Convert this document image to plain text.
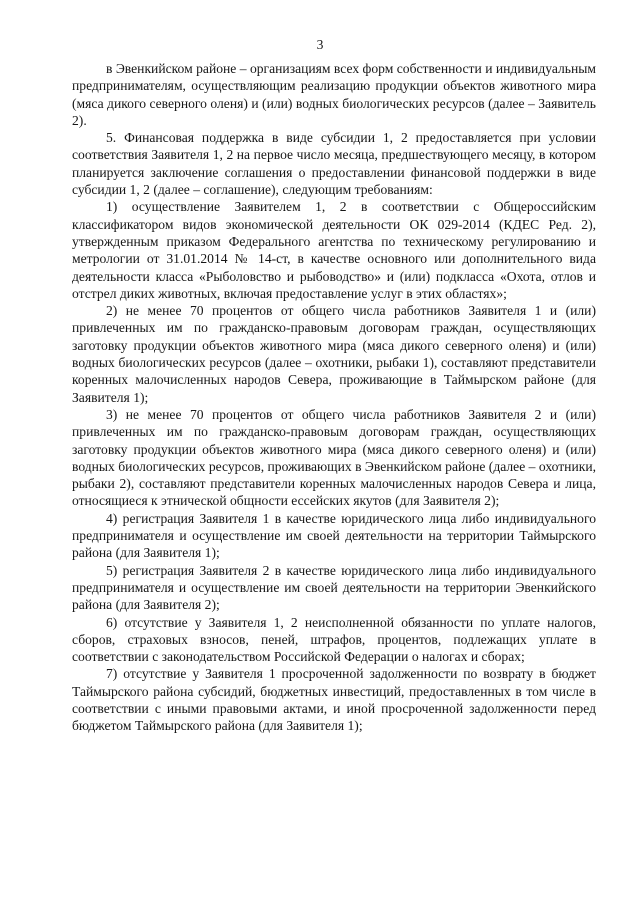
3

в Эвенкийском районе – организациям всех форм собственности и индивидуальным предпринимателям, осуществляющим реализацию продукции объектов животного мира (мяса дикого северного оленя) и (или) водных биологических ресурсов (далее – Заявитель 2).

5. Финансовая поддержка в виде субсидии 1, 2 предоставляется при условии соответствия Заявителя 1, 2 на первое число месяца, предшествующего месяцу, в котором планируется заключение соглашения о предоставлении финансовой поддержки в виде субсидии 1, 2 (далее – соглашение), следующим требованиям:

1) осуществление Заявителем 1, 2 в соответствии с Общероссийским классификатором видов экономической деятельности ОК 029-2014 (КДЕС Ред. 2), утвержденным приказом Федерального агентства по техническому регулированию и метрологии от 31.01.2014 № 14-ст, в качестве основного или дополнительного вида деятельности класса «Рыболовство и рыбоводство» и (или) подкласса «Охота, отлов и отстрел диких животных, включая предоставление услуг в этих областях»;

2) не менее 70 процентов от общего числа работников Заявителя 1 и (или) привлеченных им по гражданско-правовым договорам граждан, осуществляющих заготовку продукции объектов животного мира (мяса дикого северного оленя) и (или) водных биологических ресурсов (далее – охотники, рыбаки 1), составляют представители коренных малочисленных народов Севера, проживающие в Таймырском районе (для Заявителя 1);

3) не менее 70 процентов от общего числа работников Заявителя 2 и (или) привлеченных им по гражданско-правовым договорам граждан, осуществляющих заготовку продукции объектов животного мира (мяса дикого северного оленя) и (или) водных биологических ресурсов, проживающих в Эвенкийском районе (далее – охотники, рыбаки 2), составляют представители коренных малочисленных народов Севера и лица, относящиеся к этнической общности ессейских якутов (для Заявителя 2);

4) регистрация Заявителя 1 в качестве юридического лица либо индивидуального предпринимателя и осуществление им своей деятельности на территории Таймырского района (для Заявителя 1);

5) регистрация Заявителя 2 в качестве юридического лица либо индивидуального предпринимателя и осуществление им своей деятельности на территории Эвенкийского района (для Заявителя 2);

6) отсутствие у Заявителя 1, 2 неисполненной обязанности по уплате налогов, сборов, страховых взносов, пеней, штрафов, процентов, подлежащих уплате в соответствии с законодательством Российской Федерации о налогах и сборах;

7) отсутствие у Заявителя 1 просроченной задолженности по возврату в бюджет Таймырского района субсидий, бюджетных инвестиций, предоставленных в том числе в соответствии с иными правовыми актами, и иной просроченной задолженности перед бюджетом Таймырского района (для Заявителя 1);
